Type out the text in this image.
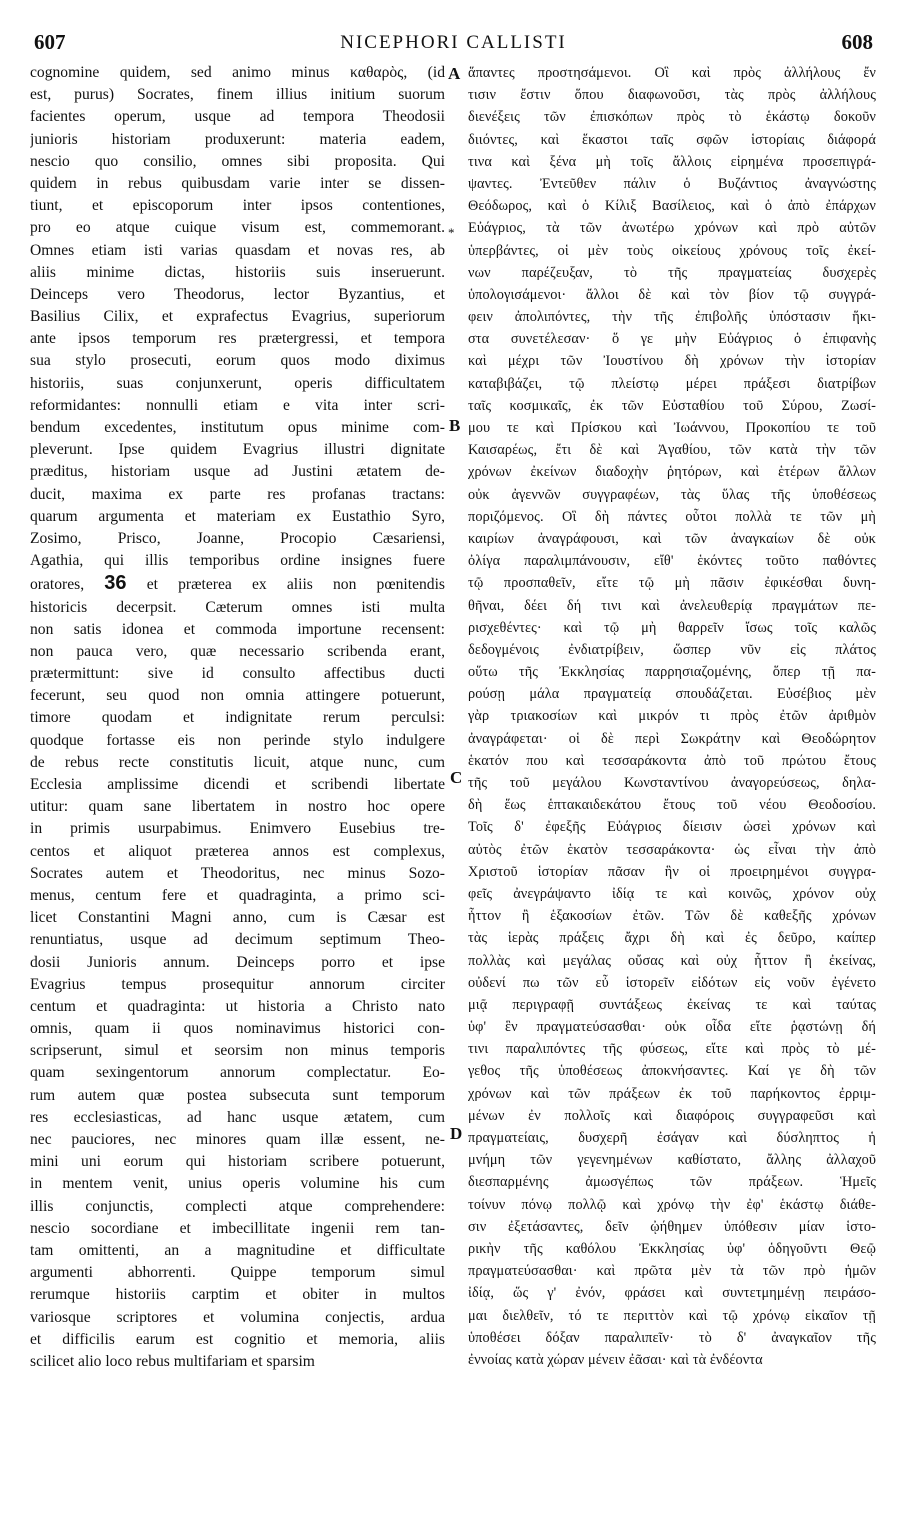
607	NICEPHORI CALLISTI	608
cognomine quidem, sed animo minus καθαρὸς, (id
est, purus) Socrates, finem illius initium suorum
facientes operum, usque ad tempora Theodosii
junioris historiam produxerunt: materia eadem,
nescio quo consilio, omnes sibi proposita. Qui
quidem in rebus quibusdam varie inter se dissen-
tiunt, et episcoporum inter ipsos contentiones,
pro eo atque cuique visum est, commemorant.
Omnes etiam isti varias quasdam et novas res, ab
aliis minime dictas, historiis suis inseruerunt.
Deinceps vero Theodorus, lector Byzantius, et
Basilius Cilix, et exprafectus Evagrius, superiorum
ante ipsos temporum res prætergressi, et tempora
sua stylo prosecuti, eorum quos modo diximus
historiis, suas conjunxerunt, operis difficultatem
reformidantes: nonnulli etiam e vita inter scri-
bendum excedentes, institutum opus minime com-
pleverunt. Ipse quidem Evagrius illustri dignitate
præditus, historiam usque ad Justini ætatem de-
ducit, maxima ex parte res profanas tractans:
quarum argumenta et materiam ex Eustathio Syro,
Zosimo, Prisco, Joanne, Procopio Cæsariensi,
Agathia, qui illis temporibus ordine insignes fuere
oratores, 36 et præterea ex aliis non pœnitendis
historicis decerpsit. Cæterum omnes isti multa
non satis idonea et commoda importune recensent:
non pauca vero, quæ necessario scribenda erant,
prætermittunt: sive id consulto affectibus ducti
fecerunt, seu quod non omnia attingere potuerunt,
timore quodam et indignitate rerum perculsi:
quodque fortasse eis non perinde stylo indulgere
de rebus recte constitutis licuit, atque nunc, cum
Ecclesia amplissime dicendi et scribendi libertate
utitur: quam sane libertatem in nostro hoc opere
in primis usurpabimus. Enimvero Eusebius tre-
centos et aliquot præterea annos est complexus,
Socrates autem et Theodoritus, nec minus Sozo-
menus, centum fere et quadraginta, a primo sci-
licet Constantini Magni anno, cum is Cæsar est
renuntiatus, usque ad decimum septimum Theo-
dosii Junioris annum. Deinceps porro et ipse
Evagrius tempus prosequitur annorum circiter
centum et quadraginta: ut historia a Christo nato
omnis, quam ii quos nominavimus historici con-
scripserunt, simul et seorsim non minus temporis
quam sexingentorum annorum complectatur. Eo-
rum autem quæ postea subsecuta sunt temporum
res ecclesiasticas, ad hanc usque ætatem, cum
nec pauciores, nec minores quam illæ essent, ne-
mini uni eorum qui historiam scribere potuerunt,
in mentem venit, unius operis volumine his cum
illis conjunctis, complecti atque comprehendere:
nescio socordiane et imbecillitate ingenii rem tan-
tam omittenti, an a magnitudine et difficultate
argumenti abhorrenti. Quippe temporum simul
rerumque historiis carptim et obiter in multos
variosque scriptores et volumina conjectis, ardua
et difficilis earum est cognitio et memoria, aliis
scilicet alio loco rebus multifariam et sparsim
A
*
B
C
D
ἅπαντες προστησάμενοι. Οἳ καὶ πρὸς ἀλλήλους ἔν
τισιν ἔστιν ὅπου διαφωνοῦσι, τὰς πρὸς ἀλλήλους
διενέξεις τῶν ἐπισκόπων πρὸς τὸ ἑκάστῳ δοκοῦν
διιόντες, καὶ ἕκαστοι ταῖς σφῶν ἱστορίαις διάφορά
τινα καὶ ξένα μὴ τοῖς ἄλλοις εἰρημένα προσεπιγρά-
ψαντες. Ἐντεῦθεν πάλιν ὁ Βυζάντιος ἀναγνώστης
Θεόδωρος, καὶ ὁ Κίλιξ Βασίλειος, καὶ ὁ ἀπὸ ἐπάρχων
Εὐάγριος, τὰ τῶν ἀνωτέρω χρόνων καὶ πρὸ αὐτῶν
ὑπερβάντες, οἱ μὲν τοὺς οἰκείους χρόνους τοῖς ἐκεί-
νων παρέζευξαν, τὸ τῆς πραγματείας δυσχερὲς
ὑπολογισάμενοι· ἄλλοι δὲ καὶ τὸν βίον τῷ συγγρά-
φειν ἀπολιπόντες, τὴν τῆς ἐπιβολῆς ὑπόστασιν ἥκι-
στα συνετέλεσαν· ὅ γε μὴν Εὐάγριος ὁ ἐπιφανὴς
καὶ μέχρι τῶν Ἰουστίνου δὴ χρόνων τὴν ἱστορίαν
καταβιβάζει, τῷ πλείστῳ μέρει πράξεσι διατρίβων
ταῖς κοσμικαῖς, ἐκ τῶν Εὐσταθίου τοῦ Σύρου, Ζωσί-
μου τε καὶ Πρίσκου καὶ Ἰωάννου, Προκοπίου τε τοῦ
Καισαρέως, ἔτι δὲ καὶ Ἀγαθίου, τῶν κατὰ τὴν τῶν
χρόνων ἐκείνων διαδοχὴν ῥητόρων, καὶ ἑτέρων ἄλλων
οὐκ ἀγεννῶν συγγραφέων, τὰς ὕλας τῆς ὑποθέσεως
ποριζόμενος. Οἳ δὴ πάντες οὗτοι πολλὰ τε τῶν μὴ
καιρίων ἀναγράφουσι, καὶ τῶν ἀναγκαίων δὲ οὐκ
ὀλίγα παραλιμπάνουσιν, εἴθ' ἑκόντες τοῦτο παθόντες
τῷ προσπαθεῖν, εἴτε τῷ μὴ πᾶσιν ἐφικέσθαι δυνη-
θῆναι, δέει δή τινι καὶ ἀνελευθερίᾳ πραγμάτων πε-
ρισχεθέντες· καὶ τῷ μὴ θαρρεῖν ἴσως τοῖς καλῶς
δεδογμένοις ἐνδιατρίβειν, ὥσπερ νῦν εἰς πλάτος
οὕτω τῆς Ἐκκλησίας παρρησιαζομένης, ὅπερ τῇ πα-
ρούσῃ μάλα πραγματείᾳ σπουδάζεται. Εὐσέβιος μὲν
γὰρ τριακοσίων καὶ μικρόν τι πρὸς ἐτῶν ἀριθμὸν
ἀναγράφεται· οἱ δὲ περὶ Σωκράτην καὶ Θεοδώρητον
ἑκατόν που καὶ τεσσαράκοντα ἀπὸ τοῦ πρώτου ἔτους
τῆς τοῦ μεγάλου Κωνσταντίνου ἀναγορεύσεως, δηλα-
δὴ ἕως ἑπτακαιδεκάτου ἔτους τοῦ νέου Θεοδοσίου.
Τοῖς δ' ἐφεξῆς Εὐάγριος δίεισιν ὡσεὶ χρόνων καὶ
αὐτὸς ἐτῶν ἑκατὸν τεσσαράκοντα· ὡς εἶναι τὴν ἀπὸ
Χριστοῦ ἱστορίαν πᾶσαν ἣν οἱ προειρημένοι συγγρα-
φεῖς ἀνεγράψαντο ἰδίᾳ τε καὶ κοινῶς, χρόνον οὐχ
ἧττον ἢ ἑξακοσίων ἐτῶν. Τῶν δὲ καθεξῆς χρόνων
τὰς ἱερὰς πράξεις ἄχρι δὴ καὶ ἐς δεῦρο, καίπερ
πολλὰς καὶ μεγάλας οὔσας καὶ οὐχ ἧττον ἢ ἐκείνας,
οὐδενί πω τῶν εὖ ἱστορεῖν εἰδότων εἰς νοῦν ἐγένετο
μιᾷ περιγραφῇ συντάξεως ἐκείνας τε καὶ ταύτας
ὑφ' ἓν πραγματεύσασθαι· οὐκ οἶδα εἴτε ῥᾳστώνῃ δή
τινι παραλιπόντες τῆς φύσεως, εἴτε καὶ πρὸς τὸ μέ-
γεθος τῆς ὑποθέσεως ἀποκνήσαντες. Καί γε δὴ τῶν
χρόνων καὶ τῶν πράξεων ἐκ τοῦ παρήκοντος ἐρριμ-
μένων ἐν πολλοῖς καὶ διαφόροις συγγραφεῦσι καὶ
πραγματείαις, δυσχερῆ ἐσάγαν καὶ δύσληπτος ἡ
μνήμη τῶν γεγενημένων καθίστατο, ἄλλης ἀλλαχοῦ
διεσπαρμένης ἀμωσγέπως τῶν πράξεων. Ἡμεῖς
τοίνυν πόνῳ πολλῷ καὶ χρόνῳ τὴν ἐφ' ἑκάστῳ διάθε-
σιν ἐξετάσαντες, δεῖν ᾠήθημεν ὑπόθεσιν μίαν ἱστο-
ρικὴν τῆς καθόλου Ἐκκλησίας ὑφ' ὁδηγοῦντι Θεῷ
πραγματεύσασθαι· καὶ πρῶτα μὲν τὰ τῶν πρὸ ἡμῶν
ἰδίᾳ, ὥς γ' ἐνόν, φράσει καὶ συντετμημένῃ πειράσο-
μαι διελθεῖν, τό τε περιττὸν καὶ τῷ χρόνῳ εἰκαῖον τῇ
ὑποθέσει δόξαν παραλιπεῖν· τὸ δ' ἀναγκαῖον τῆς
ἐννοίας κατὰ χώραν μένειν ἐᾶσαι· καὶ τὰ ἐνδέοντα
